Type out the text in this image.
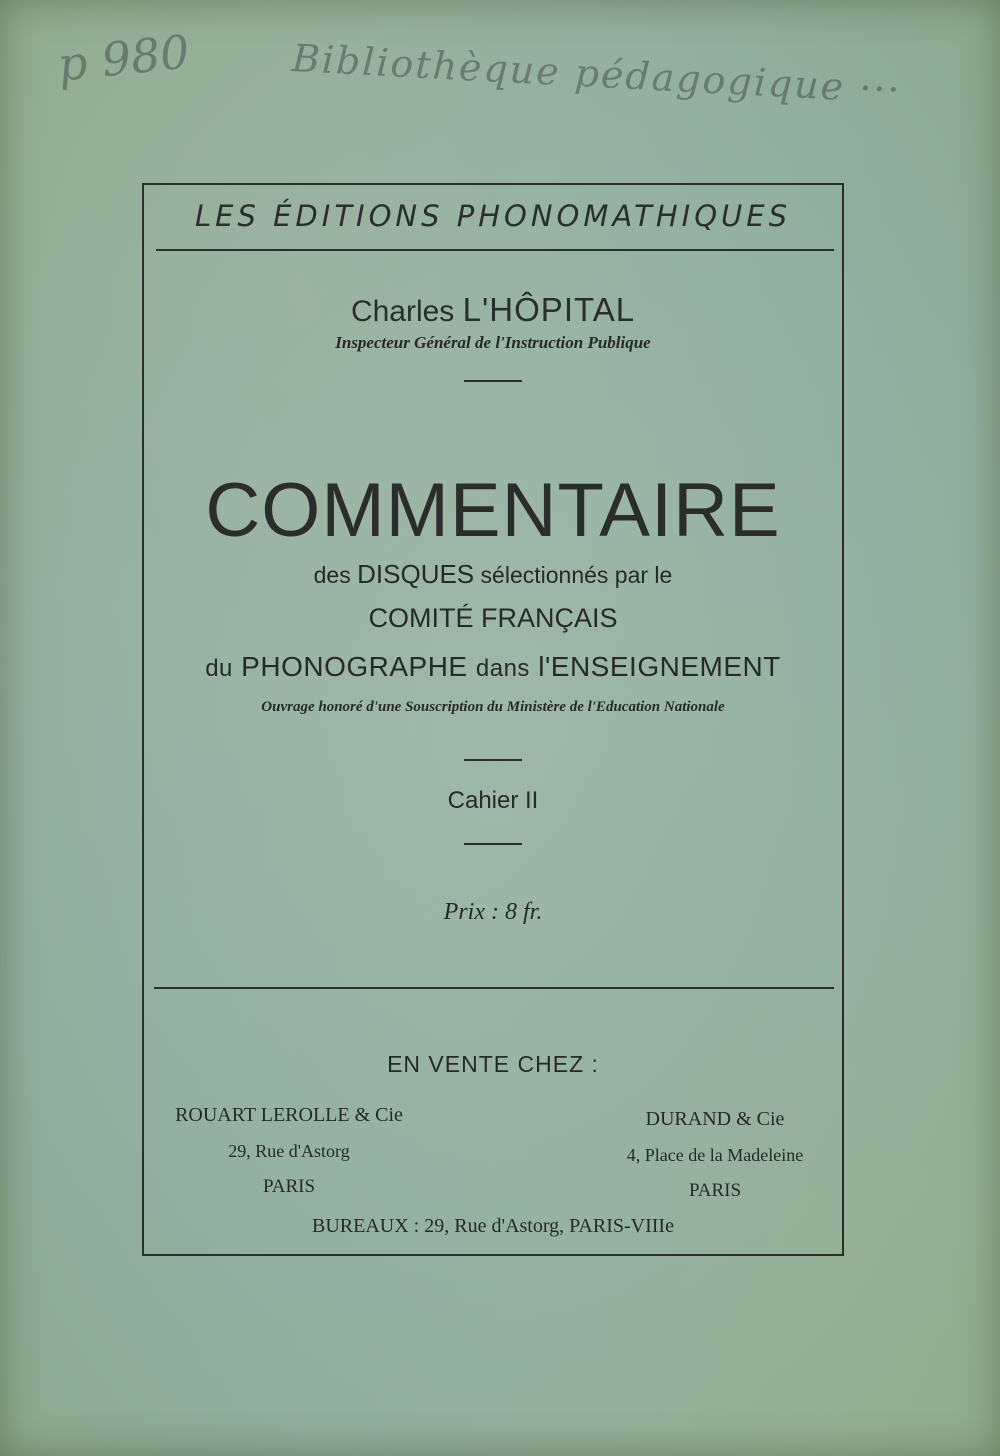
p 980	Bibliothèque pédagogique ···
LES ÉDITIONS PHONOMATHIQUES
Charles L'HÔPITAL
Inspecteur Général de l'Instruction Publique
COMMENTAIRE
des DISQUES sélectionnés par le
COMITÉ FRANÇAIS
du PHONOGRAPHE dans l'ENSEIGNEMENT
Ouvrage honoré d'une Souscription du Ministère de l'Education Nationale
Cahier II
Prix : 8 fr.
EN VENTE CHEZ :
ROUART LEROLLE & Cie
29, Rue d'Astorg
PARIS
DURAND & Cie
4, Place de la Madeleine
PARIS
BUREAUX : 29, Rue d'Astorg, PARIS-VIIIe
